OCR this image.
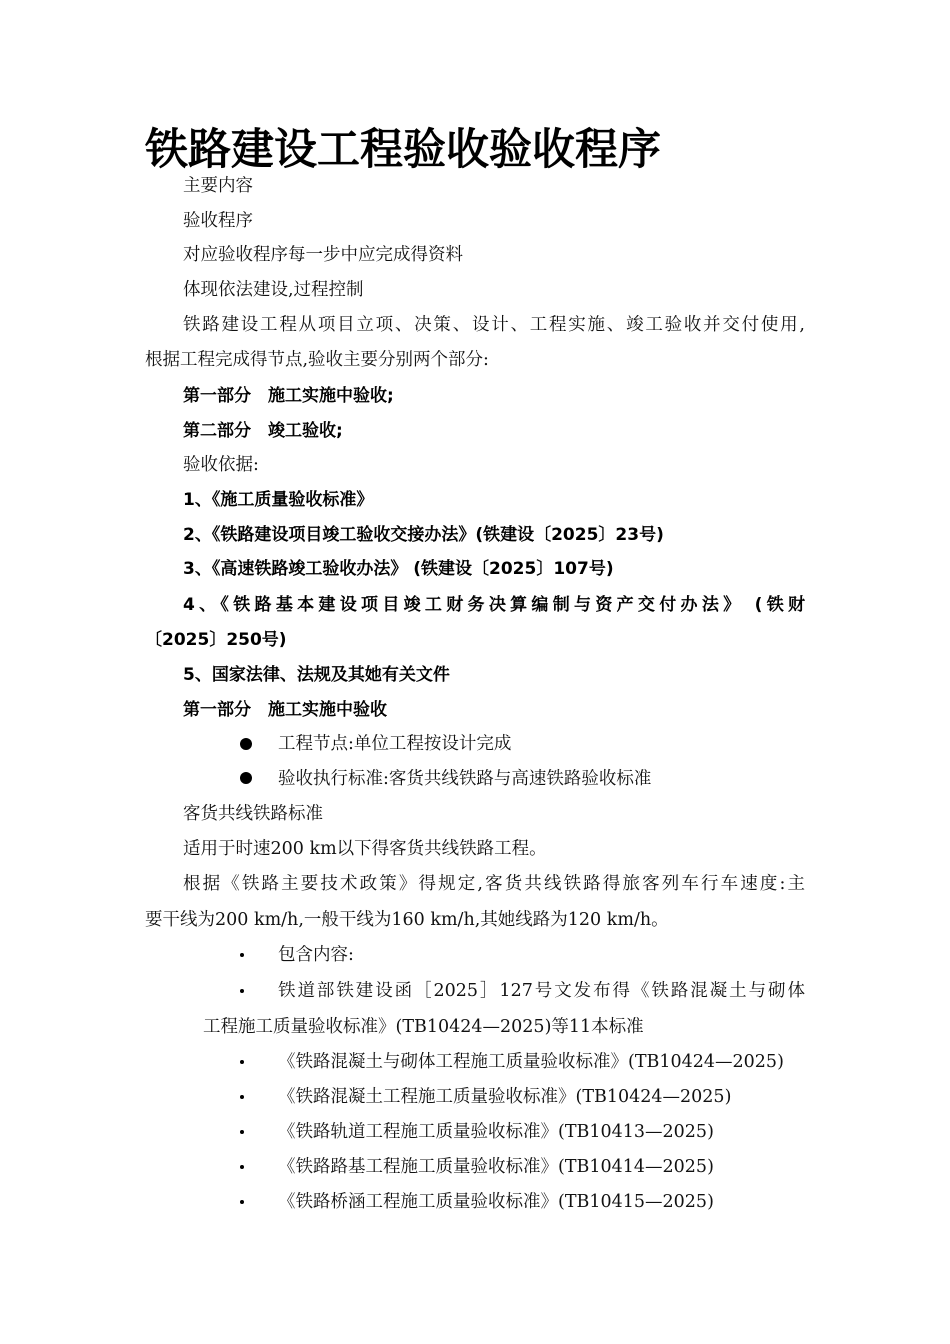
铁路建设工程验收验收程序

主要内容

验收程序

对应验收程序每一步中应完成得资料

体现依法建设,过程控制

铁路建设工程从项目立项、决策、设计、工程实施、竣工验收并交付使用,

根据工程完成得节点,验收主要分别两个部分:

第一部分　施工实施中验收;

第二部分　竣工验收;

验收依据:

1、《施工质量验收标准》

2、《铁路建设项目竣工验收交接办法》(铁建设〔2025〕23号)

3、《高速铁路竣工验收办法》 (铁建设〔2025〕107号)

4、《铁路基本建设项目竣工财务决算编制与资产交付办法》 (铁财

〔2025〕250号)

5、国家法律、法规及其她有关文件

第一部分　施工实施中验收

工程节点:单位工程按设计完成

验收执行标准:客货共线铁路与高速铁路验收标准

客货共线铁路标准

适用于时速200 km以下得客货共线铁路工程。

根据《铁路主要技术政策》得规定,客货共线铁路得旅客列车行车速度:主

要干线为200 km/h,一般干线为160 km/h,其她线路为120 km/h。

包含内容:

铁道部铁建设函［2025］127号文发布得《铁路混凝土与砌体

工程施工质量验收标准》(TB10424—2025)等11本标准

《铁路混凝土与砌体工程施工质量验收标准》(TB10424—2025)

《铁路混凝土工程施工质量验收标准》(TB10424—2025)

《铁路轨道工程施工质量验收标准》(TB10413—2025)

《铁路路基工程施工质量验收标准》(TB10414—2025)

《铁路桥涵工程施工质量验收标准》(TB10415—2025)
